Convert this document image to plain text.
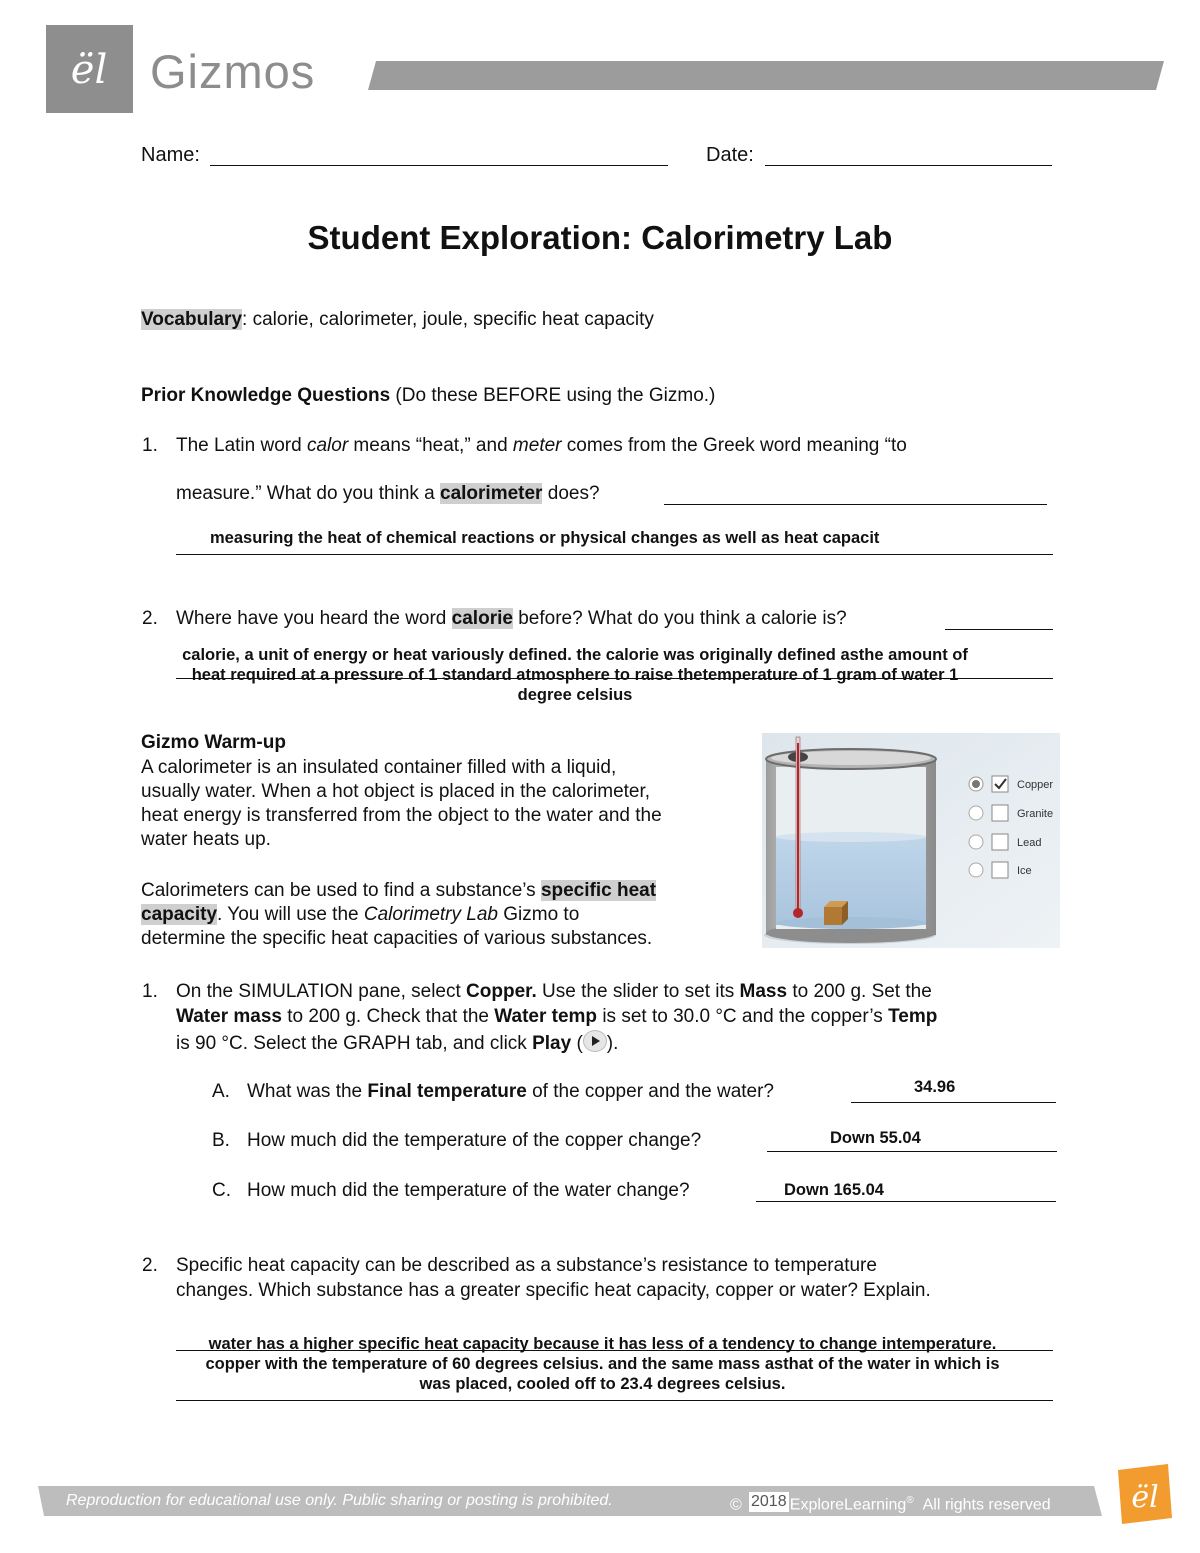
ël Gizmos
Name:	Date:
Student Exploration: Calorimetry Lab
Vocabulary: calorie, calorimeter, joule, specific heat capacity
Prior Knowledge Questions (Do these BEFORE using the Gizmo.)
1. The Latin word calor means “heat,” and meter comes from the Greek word meaning “to
measure.” What do you think a calorimeter does?
measuring the heat of chemical reactions or physical changes as well as heat capacit
2. Where have you heard the word calorie before? What do you think a calorie is?
calorie, a unit of energy or heat variously defined. the calorie was originally defined asthe amount of
heat required at a pressure of 1 standard atmosphere to raise thetemperature of 1 gram of water 1
degree celsius
Gizmo Warm-up
A calorimeter is an insulated container filled with a liquid,
usually water. When a hot object is placed in the calorimeter,
heat energy is transferred from the object to the water and the
water heats up.
Calorimeters can be used to find a substance’s specific heat
capacity. You will use the Calorimetry Lab Gizmo to
determine the specific heat capacities of various substances.
Copper
Granite
Lead
Ice
1. On the SIMULATION pane, select Copper. Use the slider to set its Mass to 200 g. Set the
Water mass to 200 g. Check that the Water temp is set to 30.0 °C and the copper’s Temp
is 90 °C. Select the GRAPH tab, and click Play ( ).
A. What was the Final temperature of the copper and the water?	34.96
B. How much did the temperature of the copper change?	Down 55.04
C. How much did the temperature of the water change?	Down 165.04
2. Specific heat capacity can be described as a substance’s resistance to temperature
changes. Which substance has a greater specific heat capacity, copper or water? Explain.
water has a higher specific heat capacity because it has less of a tendency to change intemperature.
copper with the temperature of 60 degrees celsius. and the same mass asthat of the water in which is
was placed, cooled off to 23.4 degrees celsius.
Reproduction for educational use only. Public sharing or posting is prohibited.	©	ExploreLearning® All rights reserved
2018	ël
